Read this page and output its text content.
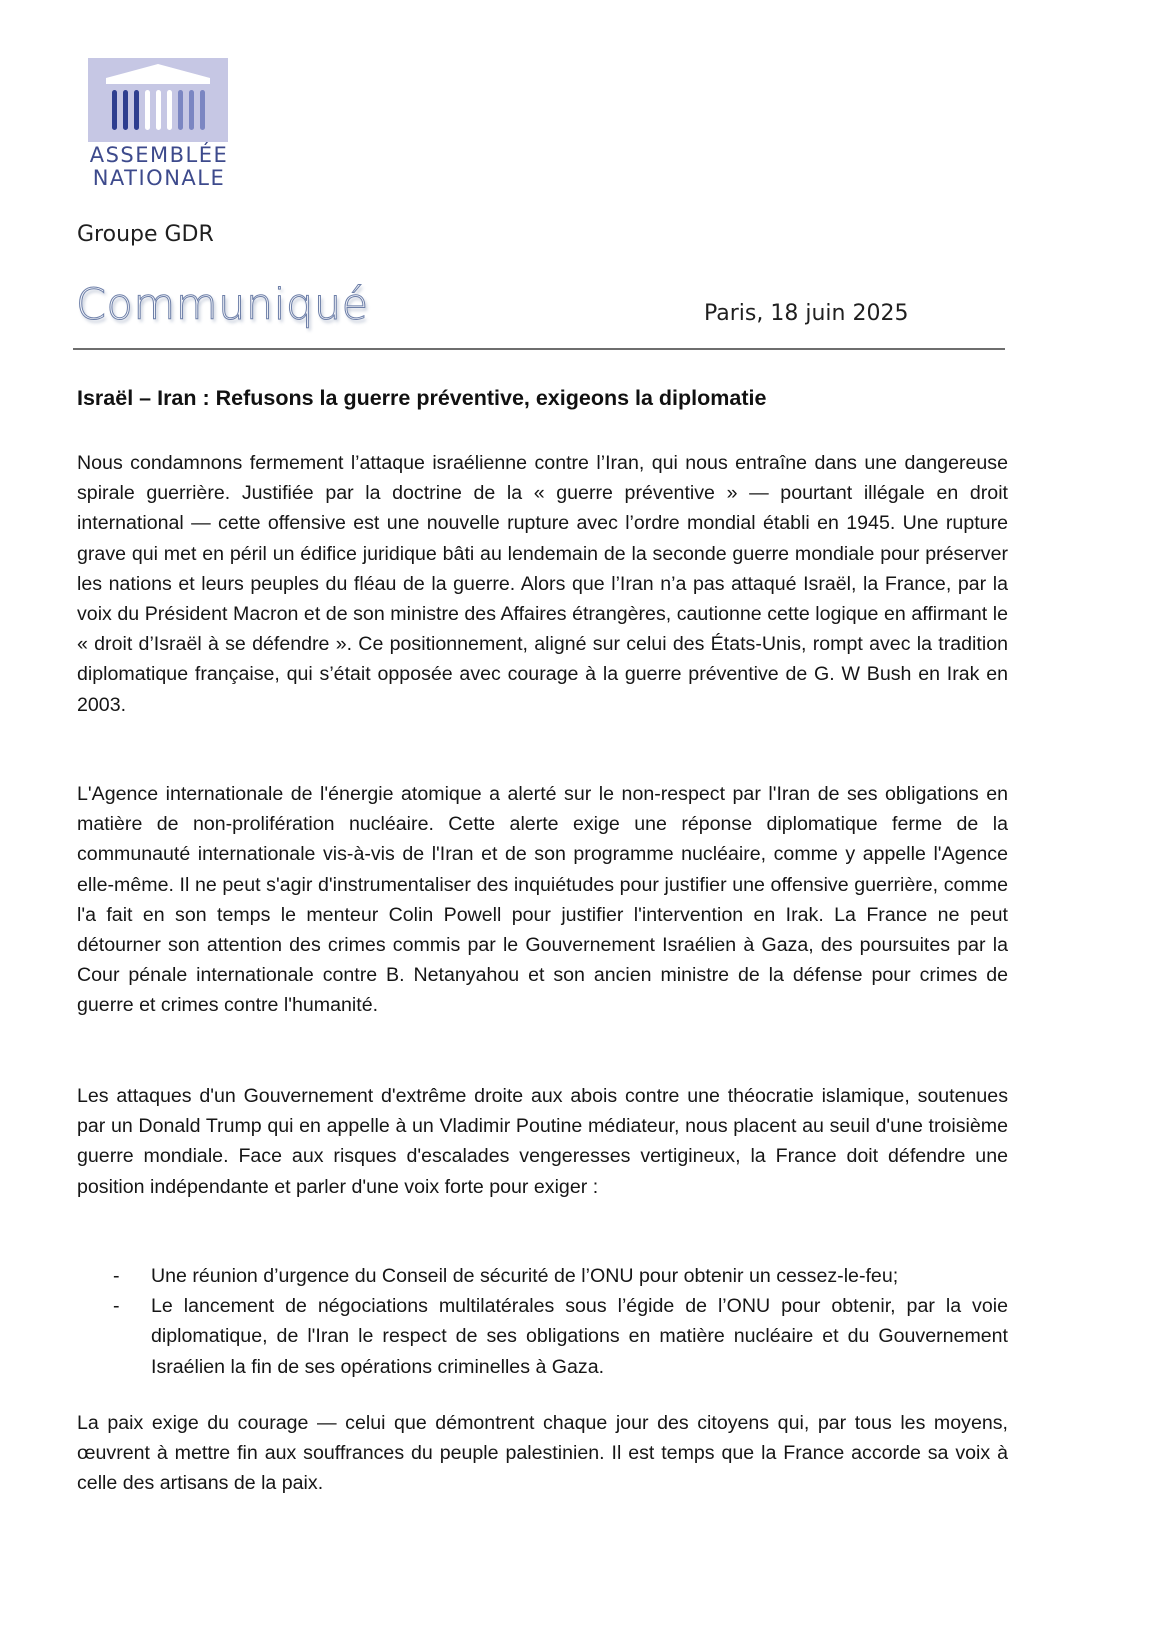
ASSEMBLÉE
NATIONALE
Groupe GDR
Communiqué	Paris, 18 juin 2025
Israël – Iran : Refusons la guerre préventive, exigeons la diplomatie
Nous condamnons fermement l’attaque israélienne contre l’Iran, qui nous entraîne dans une dangereuse spirale guerrière. Justifiée par la doctrine de la « guerre préventive » — pourtant illégale en droit international — cette offensive est une nouvelle rupture avec l’ordre mondial établi en 1945. Une rupture grave qui met en péril un édifice juridique bâti au lendemain de la seconde guerre mondiale pour préserver les nations et leurs peuples du fléau de la guerre. Alors que l’Iran n’a pas attaqué Israël, la France, par la voix du Président Macron et de son ministre des Affaires étrangères, cautionne cette logique en affirmant le « droit d’Israël à se défendre ». Ce positionnement, aligné sur celui des États-Unis, rompt avec la tradition diplomatique française, qui s’était opposée avec courage à la guerre préventive de G. W Bush en Irak en 2003.
L'Agence internationale de l'énergie atomique a alerté sur le non-respect par l'Iran de ses obligations en matière de non-prolifération nucléaire. Cette alerte exige une réponse diplomatique ferme de la communauté internationale vis-à-vis de l'Iran et de son programme nucléaire, comme y appelle l'Agence elle-même. Il ne peut s'agir d'instrumentaliser des inquiétudes pour justifier une offensive guerrière, comme l'a fait en son temps le menteur Colin Powell pour justifier l'intervention en Irak. La France ne peut détourner son attention des crimes commis par le Gouvernement Israélien à Gaza, des poursuites par la Cour pénale internationale contre B. Netanyahou et son ancien ministre de la défense pour crimes de guerre et crimes contre l'humanité.
Les attaques d'un Gouvernement d'extrême droite aux abois contre une théocratie islamique, soutenues par un Donald Trump qui en appelle à un Vladimir Poutine médiateur, nous placent au seuil d'une troisième guerre mondiale. Face aux risques d'escalades vengeresses vertigineux, la France doit défendre une position indépendante et parler d'une voix forte pour exiger :
- Une réunion d’urgence du Conseil de sécurité de l’ONU pour obtenir un cessez-le-feu;
- Le lancement de négociations multilatérales sous l’égide de l’ONU pour obtenir, par la voie diplomatique, de l'Iran le respect de ses obligations en matière nucléaire et du Gouvernement Israélien la fin de ses opérations criminelles à Gaza.
La paix exige du courage — celui que démontrent chaque jour des citoyens qui, par tous les moyens, œuvrent à mettre fin aux souffrances du peuple palestinien. Il est temps que la France accorde sa voix à celle des artisans de la paix.
